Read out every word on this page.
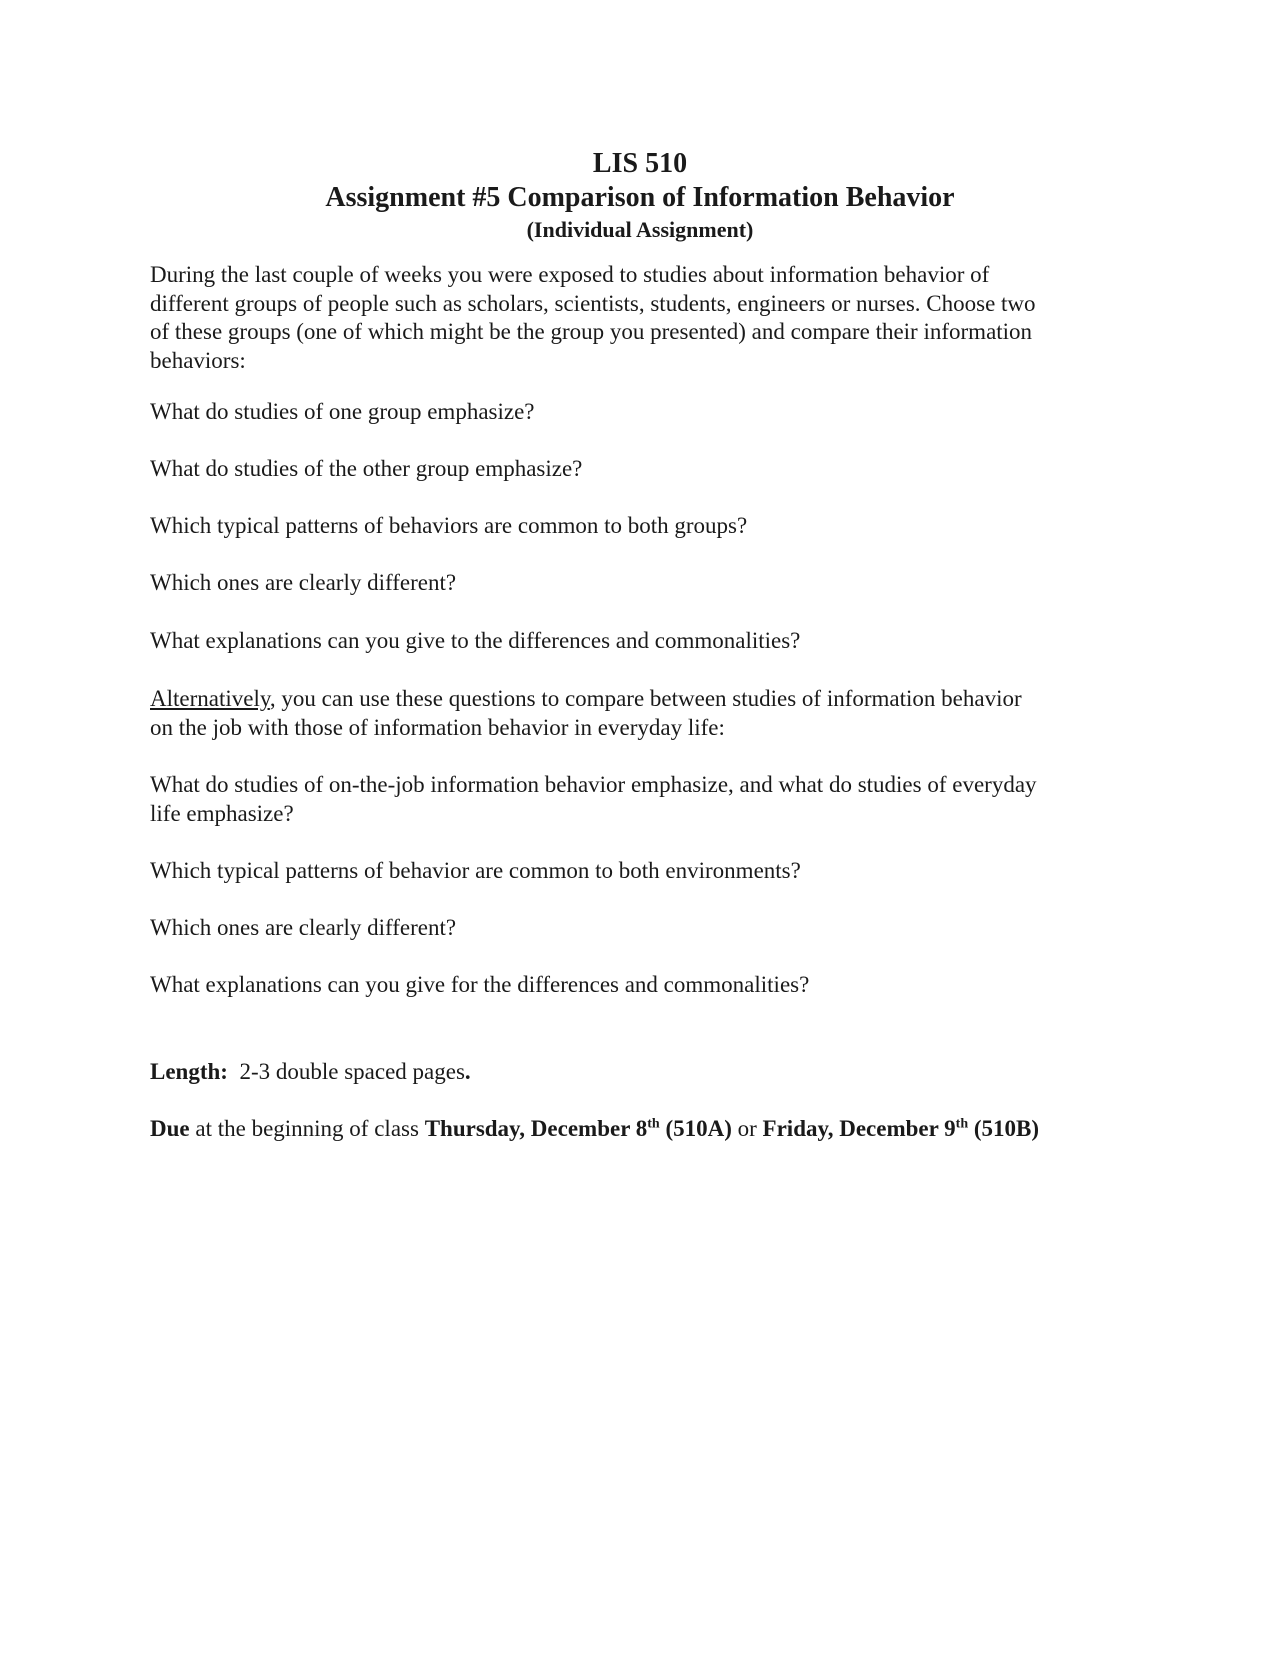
LIS 510
Assignment #5 Comparison of Information Behavior
(Individual Assignment)
During the last couple of weeks you were exposed to studies about information behavior of
different groups of people such as scholars, scientists, students, engineers or nurses. Choose two
of these groups (one of which might be the group you presented) and compare their information
behaviors:
What do studies of one group emphasize?
What do studies of the other group emphasize?
Which typical patterns of behaviors are common to both groups?
Which ones are clearly different?
What explanations can you give to the differences and commonalities?
Alternatively, you can use these questions to compare between studies of information behavior
on the job with those of information behavior in everyday life:
What do studies of on-the-job information behavior emphasize, and what do studies of everyday
life emphasize?
Which typical patterns of behavior are common to both environments?
Which ones are clearly different?
What explanations can you give for the differences and commonalities?
Length:  2-3 double spaced pages.
Due at the beginning of class Thursday, December 8th (510A) or Friday, December 9th (510B)
